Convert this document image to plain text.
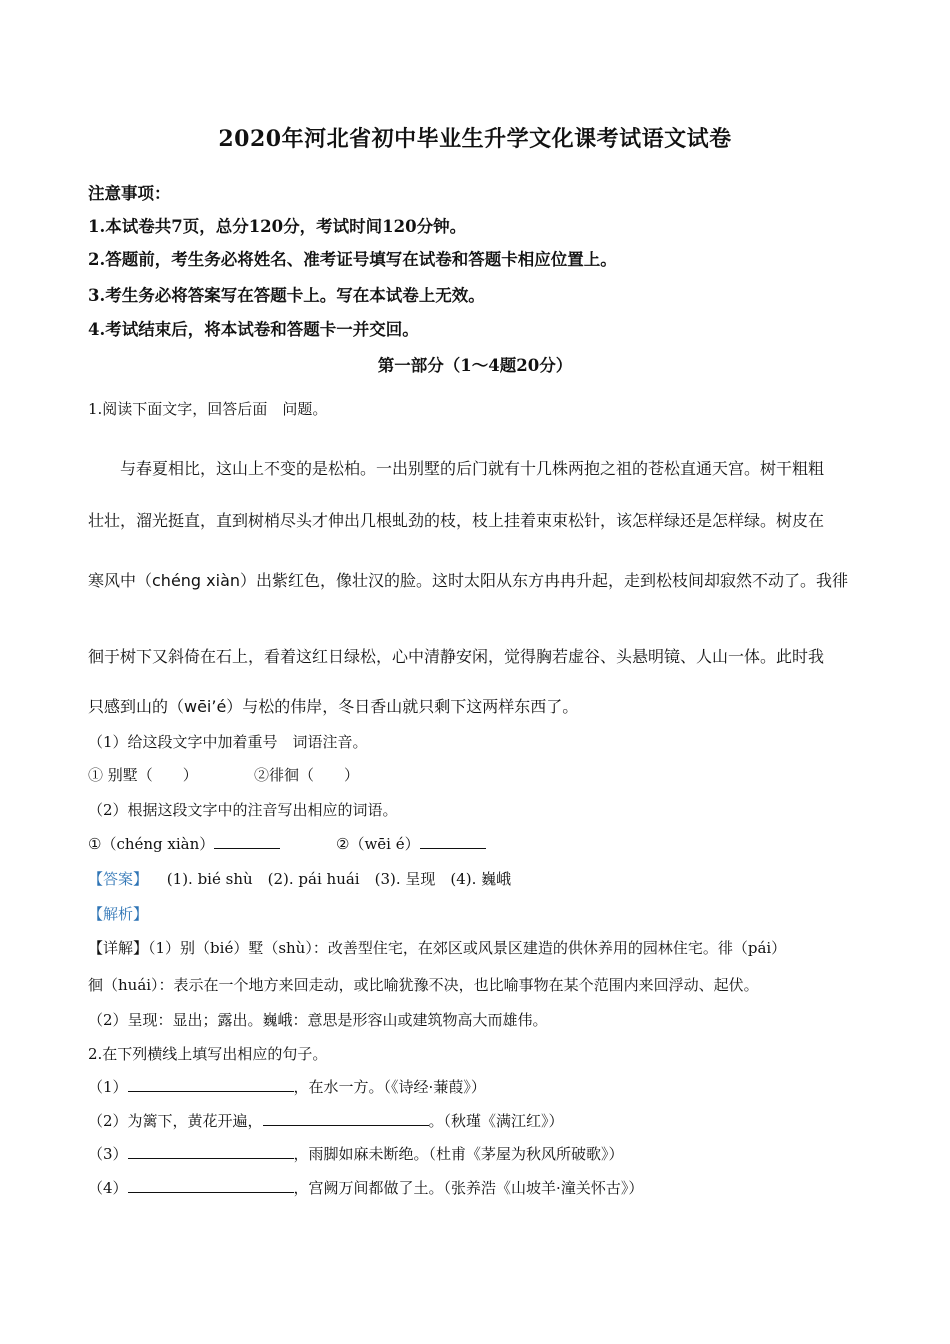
2020年河北省初中毕业生升学文化课考试语文试卷
注意事项：
1.本试卷共7页，总分120分，考试时间120分钟。
2.答题前，考生务必将姓名、准考证号填写在试卷和答题卡相应位置上。
3.考生务必将答案写在答题卡上。写在本试卷上无效。
4.考试结束后，将本试卷和答题卡一并交回。
第一部分（1～4题20分）
1.阅读下面文字，回答后面　问题。
与春夏相比，这山上不变的是松柏。一出别墅的后门就有十几株两抱之祖的苍松直通天宫。树干粗粗
壮壮，溜光挺直，直到树梢尽头才伸出几根虬劲的枝，枝上挂着束束松针，该怎样绿还是怎样绿。树皮在
寒风中（chéng xiàn）出紫红色，像壮汉的脸。这时太阳从东方冉冉升起，走到松枝间却寂然不动了。我徘
徊于树下又斜倚在石上，看着这红日绿松，心中清静安闲，觉得胸若虚谷、头悬明镜、人山一体。此时我
只感到山的（wēi’é）与松的伟岸，冬日香山就只剩下这两样东西了。
（1）给这段文字中加着重号　词语注音。
① 别墅（　　）	②徘徊（　　）
（2）根据这段文字中的注音写出相应的词语。
①（chéng xiàn）	②（wēi é）
【答案】 (1). bié shù　(2). pái huái　(3). 呈现　(4). 巍峨
【解析】
【详解】（1）别（bié）墅（shù）：改善型住宅，在郊区或风景区建造的供休养用的园林住宅。徘（pái）
徊（huái）：表示在一个地方来回走动，或比喻犹豫不决，也比喻事物在某个范围内来回浮动、起伏。
（2）呈现：显出；露出。巍峨：意思是形容山或建筑物高大而雄伟。
2.在下列横线上填写出相应的句子。
（1）	，在水一方。（《诗经·蒹葭》）
（2）为篱下，黄花开遍，	。（秋瑾《满江红》）
（3）	，雨脚如麻未断绝。（杜甫《茅屋为秋风所破歌》）
（4）	，宫阙万间都做了土。（张养浩《山坡羊·潼关怀古》）
